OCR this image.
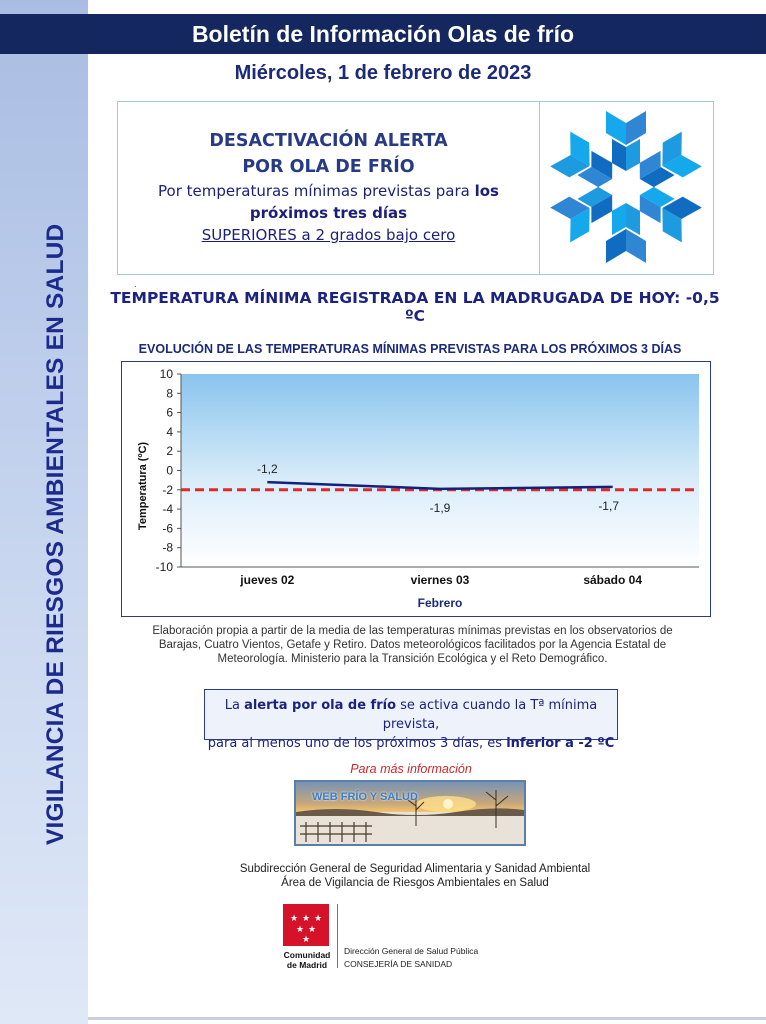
VIGILANCIA DE RIESGOS AMBIENTALES EN SALUD
Boletín de Información Olas de frío
Miércoles, 1 de febrero de 2023
DESACTIVACIÓN ALERTA
POR OLA DE FRÍO
Por temperaturas mínimas previstas para los
próximos tres días
SUPERIORES a 2 grados bajo cero
.
TEMPERATURA MÍNIMA REGISTRADA EN LA MADRUGADA DE HOY: -0,5 ºC
EVOLUCIÓN DE LAS TEMPERATURAS MÍNIMAS PREVISTAS PARA LOS PRÓXIMOS 3 DÍAS
10
8
6
4
2
0
-2
-4
-6
-8
-10
jueves 02	viernes 03	sábado 04
-1,2
-1,9	-1,7
Temperatura (ºC)
Febrero
Elaboración propia a partir de la media de las temperaturas mínimas previstas en los observatorios de
Barajas, Cuatro Vientos, Getafe y Retiro. Datos meteorológicos facilitados por la Agencia Estatal de
Meteorología. Ministerio para la Transición Ecológica y el Reto Demográfico.
La alerta por ola de frío se activa cuando la Tª mínima prevista,
para al menos uno de los próximos 3 días, es inferior a -2 ºC
Para más información
WEB FRÍO Y SALUD
Subdirección General de Seguridad Alimentaria y Sanidad Ambiental
Área de Vigilancia de Riesgos Ambientales en Salud
★ ★ ★
★ ★
★
Comunidad
de Madrid
Dirección General de Salud Pública
CONSEJERÍA DE SANIDAD
